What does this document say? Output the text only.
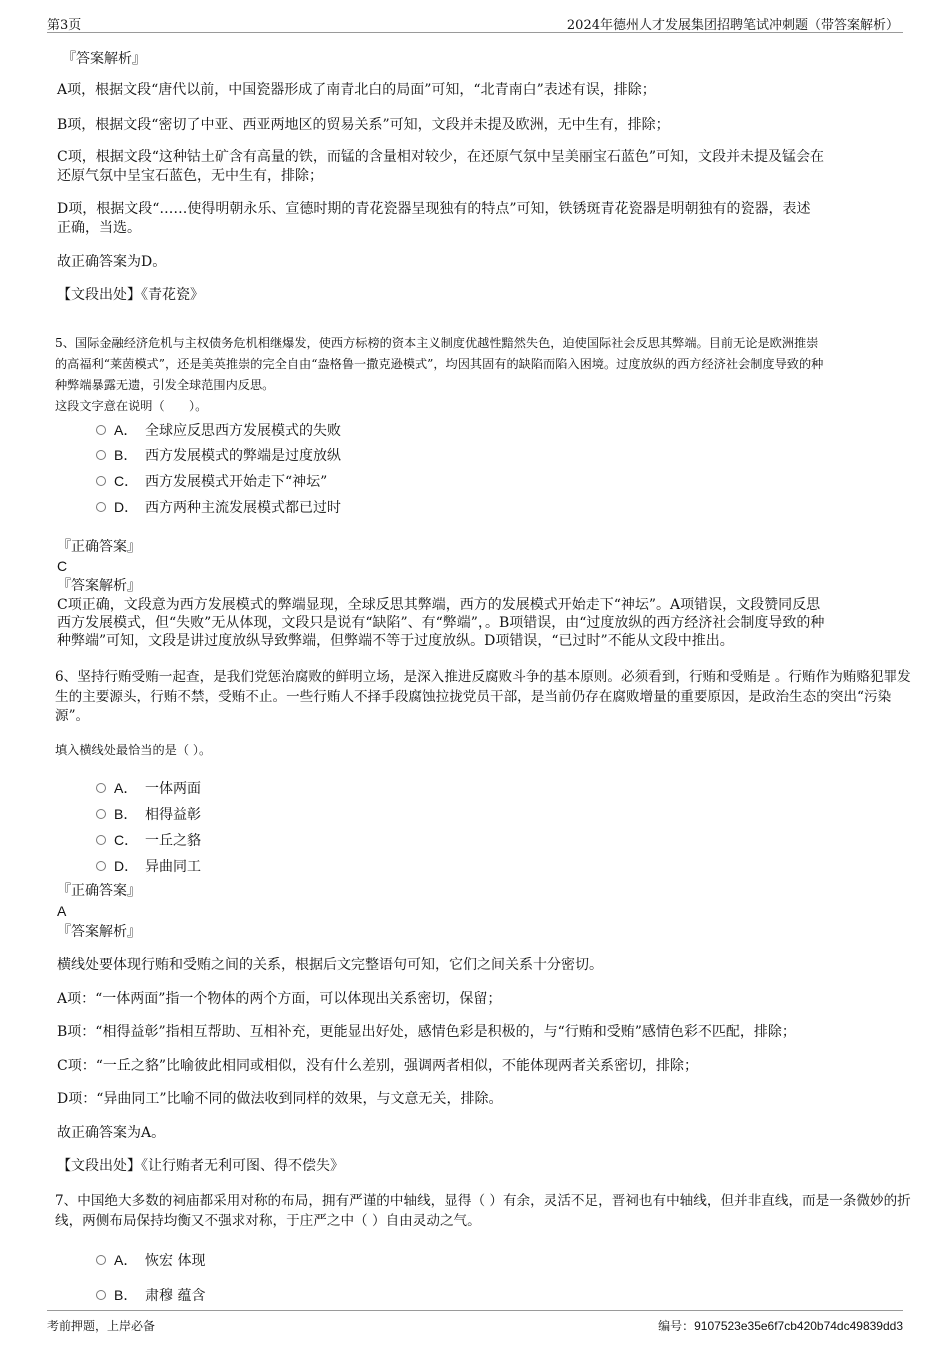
第3页	2024年德州人才发展集团招聘笔试冲刺题（带答案解析）
『答案解析』
A项，根据文段“唐代以前，中国瓷器形成了南青北白的局面”可知，“北青南白”表述有误，排除；
B项，根据文段“密切了中亚、西亚两地区的贸易关系”可知，文段并未提及欧洲，无中生有，排除；
C项，根据文段“这种钴土矿含有高量的铁，而锰的含量相对较少，在还原气氛中呈美丽宝石蓝色”可知，文段并未提及锰会在
还原气氛中呈宝石蓝色，无中生有，排除；
D项，根据文段“……使得明朝永乐、宣德时期的青花瓷器呈现独有的特点”可知，铁锈斑青花瓷器是明朝独有的瓷器，表述
正确，当选。
故正确答案为D。
【文段出处】《青花瓷》
5、国际金融经济危机与主权债务危机相继爆发，使西方标榜的资本主义制度优越性黯然失色，迫使国际社会反思其弊端。目前无论是欧洲推崇
的高福利“莱茵模式”，还是美英推崇的完全自由“盎格鲁一撒克逊模式”，均因其固有的缺陷而陷入困境。过度放纵的西方经济社会制度导致的种
种弊端暴露无遗，引发全球范围内反思。
这段文字意在说明（　　）。
A． 全球应反思西方发展模式的失败
B． 西方发展模式的弊端是过度放纵
C． 西方发展模式开始走下“神坛”
D． 西方两种主流发展模式都已过时
『正确答案』
C
『答案解析』
C项正确，文段意为西方发展模式的弊端显现，全球反思其弊端，西方的发展模式开始走下“神坛”。A项错误，文段赞同反思
西方发展模式，但“失败”无从体现，文段只是说有“缺陷”、有“弊端”，。B项错误，由“过度放纵的西方经济社会制度导致的种
种弊端”可知，文段是讲过度放纵导致弊端，但弊端不等于过度放纵。D项错误，“已过时”不能从文段中推出。
6、坚持行贿受贿一起查，是我们党惩治腐败的鲜明立场，是深入推进反腐败斗争的基本原则。必须看到，行贿和受贿是 。行贿作为贿赂犯罪发
生的主要源头，行贿不禁，受贿不止。一些行贿人不择手段腐蚀拉拢党员干部，是当前仍存在腐败增量的重要原因，是政治生态的突出“污染
源”。
填入横线处最恰当的是（ ）。
A． 一体两面
B． 相得益彰
C． 一丘之貉
D． 异曲同工
『正确答案』
A
『答案解析』
横线处要体现行贿和受贿之间的关系，根据后文完整语句可知，它们之间关系十分密切。
A项：“一体两面”指一个物体的两个方面，可以体现出关系密切，保留；
B项：“相得益彰”指相互帮助、互相补充，更能显出好处，感情色彩是积极的，与“行贿和受贿”感情色彩不匹配，排除；
C项：“一丘之貉”比喻彼此相同或相似，没有什么差别，强调两者相似，不能体现两者关系密切，排除；
D项：“异曲同工”比喻不同的做法收到同样的效果，与文意无关，排除。
故正确答案为A。
【文段出处】《让行贿者无利可图、得不偿失》
7、中国绝大多数的祠庙都采用对称的布局，拥有严谨的中轴线，显得（ ）有余，灵活不足，晋祠也有中轴线，但并非直线，而是一条微妙的折
线，两侧布局保持均衡又不强求对称，于庄严之中（ ）自由灵动之气。
A． 恢宏 体现
B． 肃穆 蕴含
考前押题，上岸必备	编号：9107523e35e6f7cb420b74dc49839dd3
